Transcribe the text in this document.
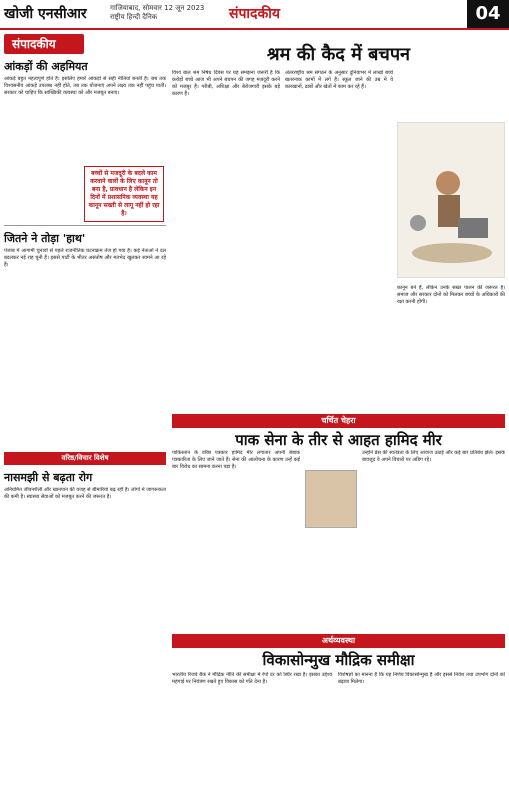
खोजी एनसीआर	गाजियाबाद, सोमवार 12 जून 2023
राष्ट्रीय हिन्दी दैनिक	संपादकीय	04
संपादकीय
आंकड़ों की अहमियत
आंकड़े बहुत महत्वपूर्ण होते हैं। इसलिए हमारे आंकड़ों से सही नीतियां बनती हैं। जब तक विश्वसनीय आंकड़े उपलब्ध नहीं होते, तब तक योजनाएं अपने लक्ष्य तक नहीं पहुंच पातीं। सरकार को चाहिए कि सांख्यिकी व्यवस्था को और मजबूत बनाए।
बच्चों से मजदूरी के बदले काम करवाने वालों के लिए कानून तो बना है, प्रावधान है लेकिन इन दिनों में प्रशासनिक व्यवस्था यह कानून सख्ती से लागू नहीं हो रहा है।
जितने ने तोड़ा 'हाथ'
पंजाब में आगामी चुनावों से पहले राजनीतिक घटनाक्रम तेज हो गया है। कई नेताओं ने दल बदलकर नई राह चुनी है। इससे पार्टी के भीतर असंतोष और मतभेद खुलकर सामने आ रहे हैं।
वरिष्ठ/विचार विशेष
नासमझी से बढ़ता रोग
अनियमित जीवनशैली और खानपान की वजह से बीमारियां बढ़ रही हैं। लोगों में जागरूकता की कमी है। स्वास्थ्य सेवाओं को मजबूत करने की जरूरत है।
श्रम की कैद में बचपन
विश्व बाल श्रम निषेध दिवस पर यह समझना जरूरी है कि करोड़ों बच्चे आज भी अपने बचपन की जगह मजदूरी करने को मजबूर हैं। गरीबी, अशिक्षा और बेरोजगारी इसके बड़े कारण हैं।
अंतरराष्ट्रीय श्रम संगठन के अनुसार दुनियाभर में लाखों बच्चे खतरनाक कामों में लगे हैं। स्कूल जाने की उम्र में वे कारखानों, ढाबों और खेतों में काम कर रहे हैं।
कानून बने हैं, लेकिन उनके सख्त पालन की जरूरत है। समाज और सरकार दोनों को मिलकर बच्चों के अधिकारों की रक्षा करनी होगी।
चर्चित चेहरा
पाक सेना के तीर से आहत हामिद मीर
पाकिस्तान के वरिष्ठ पत्रकार हामिद मीर लगातार अपनी बेबाक पत्रकारिता के लिए जाने जाते हैं। सेना की आलोचना के कारण उन्हें कई बार विरोध का सामना करना पड़ा है।
उन्होंने प्रेस की स्वतंत्रता के लिए आवाज उठाई और कई बार प्रतिबंध झेले। इसके बावजूद वे अपने विचारों पर अडिग रहे।
अर्थव्यवस्था
विकासोन्मुख मौद्रिक समीक्षा
भारतीय रिजर्व बैंक ने मौद्रिक नीति की समीक्षा में रेपो दर को स्थिर रखा है। इसका उद्देश्य महंगाई पर नियंत्रण रखते हुए विकास को गति देना है।
विशेषज्ञों का मानना है कि यह निर्णय विकासोन्मुख है और इससे निवेश तथा उपभोग दोनों को बढ़ावा मिलेगा।
